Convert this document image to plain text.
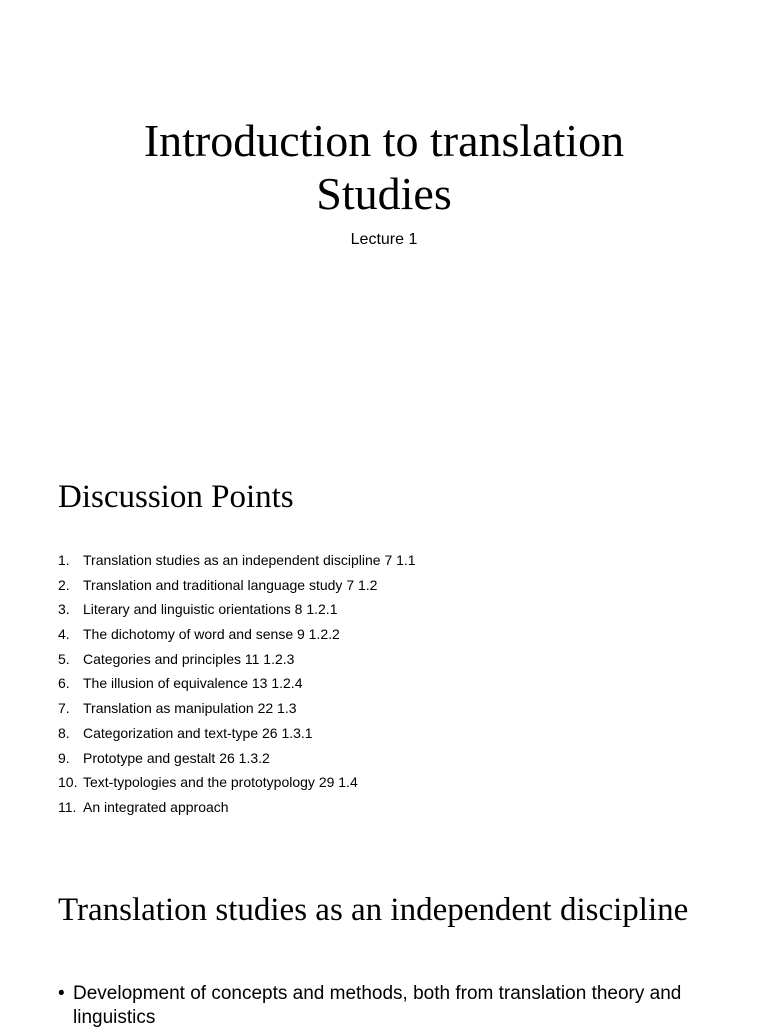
Introduction to translation
Studies

Lecture 1

Discussion Points
1. Translation studies as an independent discipline 7 1.1
2. Translation and traditional language study 7 1.2
3. Literary and linguistic orientations 8 1.2.1
4. The dichotomy of word and sense 9 1.2.2
5. Categories and principles 11 1.2.3
6. The illusion of equivalence 13 1.2.4
7. Translation as manipulation 22 1.3
8. Categorization and text-type 26 1.3.1
9. Prototype and gestalt 26 1.3.2
10. Text-typologies and the prototypology 29 1.4
11. An integrated approach
Translation studies as an independent discipline
• Development of concepts and methods, both from translation theory and linguistics
